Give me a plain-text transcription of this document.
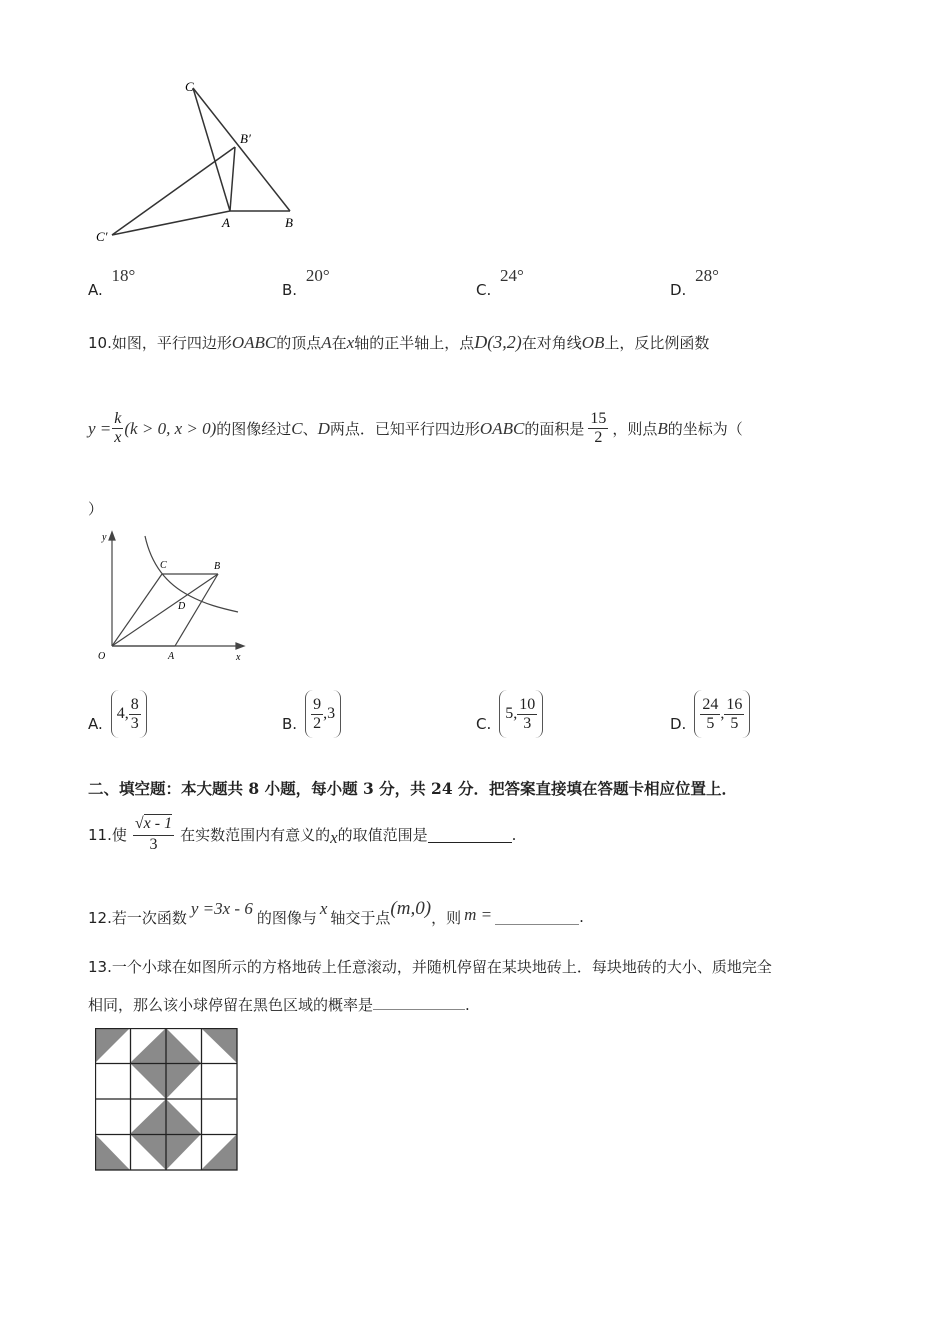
C
B′
C′
A	B
A. 18°
B. 20°
C. 24°
D. 28°
10.如图，平行四边形OABC的顶点A在x轴的正半轴上，点D(3,2)在对角线OB上，反比例函数
$y = \frac{k}{x} (k > 0$, x > 0) 的图像经过 C 、 D 两点．已知平行四边形 OABC 的面积是 $\frac{15}{2}$ ，则点 B 的坐标为（
）
y
x
O	A
B
C
D
A.
4, $\frac{8}{3}$	B. $\frac{9}{2} ,3$
C.
5, $\frac{10}{3}$	D. $\frac{24}{5}$ , $\frac{16}{5}$
二、填空题：本大题共 8 小题，每小题 3 分，共 24 分．把答案直接填在答题卡相应位置上．
11.使 $\frac{√x - 1}{3}$ 在实数范围内有意义的 x 的取值范围是	.
12.若一次函数 y =3x - 6 的图像与 x 轴交于点 (m,0) ，则 m =	.
13.一个小球在如图所示的方格地砖上任意滚动，并随机停留在某块地砖上．每块地砖的大小、质地完全
相同，那么该小球停留在黑色区域的概率是	.
